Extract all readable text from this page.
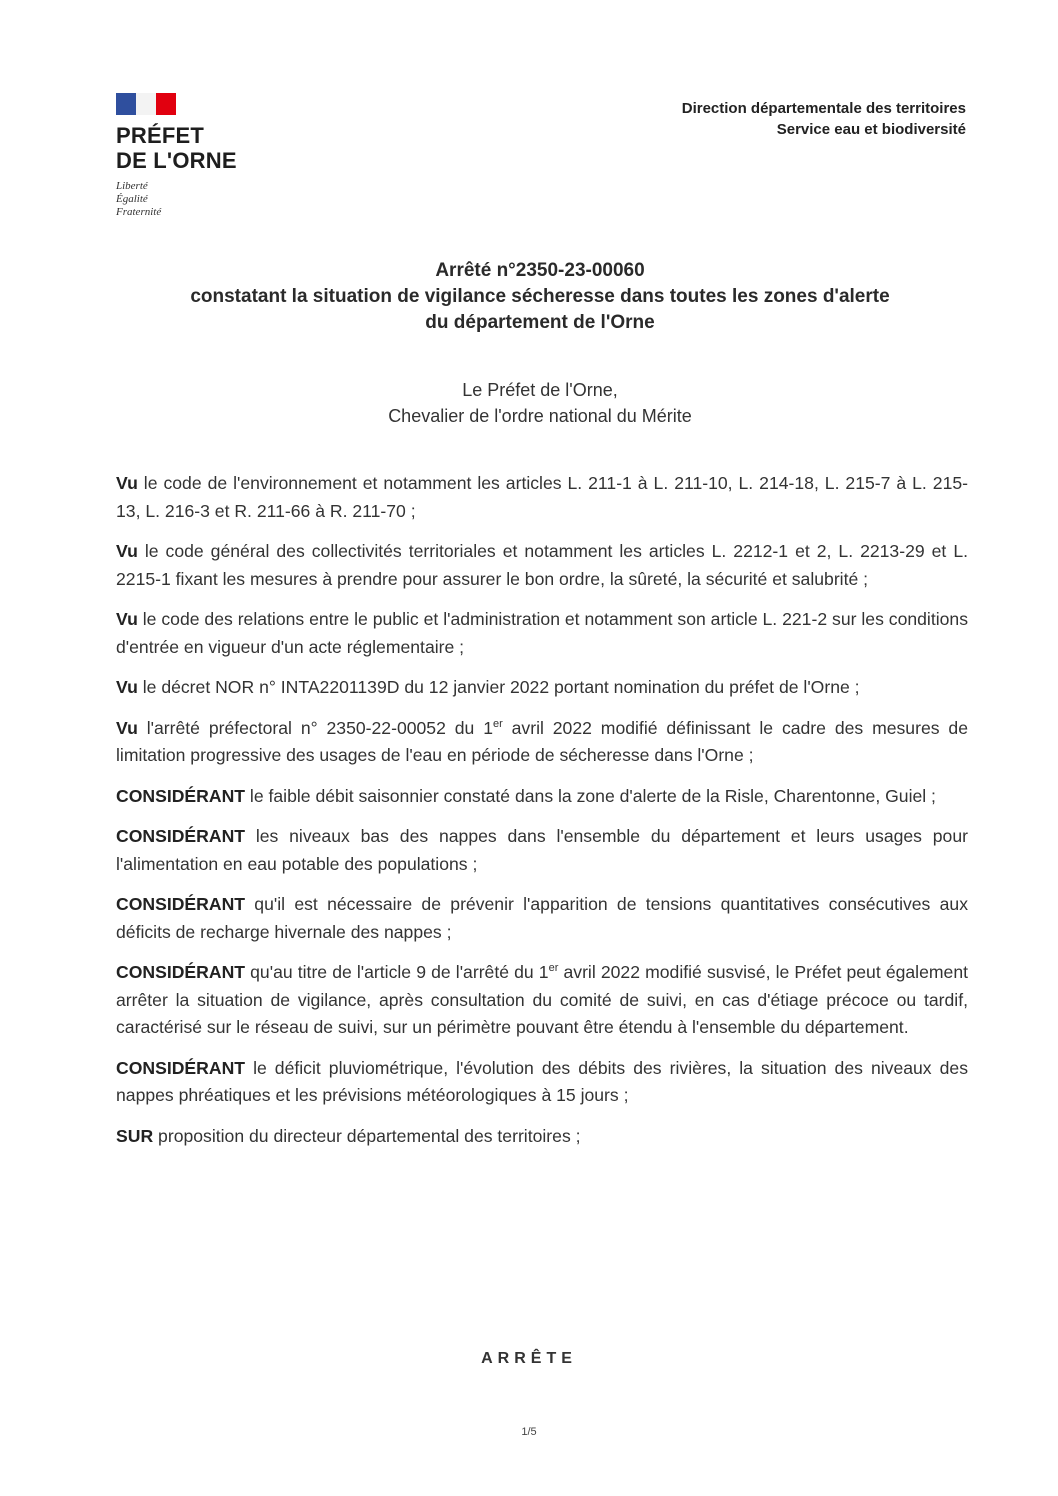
PRÉFET
DE L'ORNE
Liberté
Égalité
Fraternité
Direction départementale des territoires
Service eau et biodiversité
Arrêté n°2350-23-00060
constatant la situation de vigilance sécheresse dans toutes les zones d'alerte
du département de l'Orne
Le Préfet de l'Orne,
Chevalier de l'ordre national du Mérite

Vu le code de l'environnement et notamment les articles L. 211-1 à L. 211-10, L. 214-18, L. 215-7 à L. 215-13, L. 216-3 et R. 211-66 à R. 211-70 ;

Vu le code général des collectivités territoriales et notamment les articles L. 2212-1 et 2, L. 2213-29 et L. 2215-1 fixant les mesures à prendre pour assurer le bon ordre, la sûreté, la sécurité et salubrité ;

Vu le code des relations entre le public et l'administration et notamment son article L. 221-2 sur les conditions d'entrée en vigueur d'un acte réglementaire ;

Vu le décret NOR n° INTA2201139D du 12 janvier 2022 portant nomination du préfet de l'Orne ;

Vu l'arrêté préfectoral n° 2350-22-00052 du 1er avril 2022 modifié définissant le cadre des mesures de limitation progressive des usages de l'eau en période de sécheresse dans l'Orne ;

CONSIDÉRANT le faible débit saisonnier constaté dans la zone d'alerte de la Risle, Charentonne, Guiel ;

CONSIDÉRANT les niveaux bas des nappes dans l'ensemble du département et leurs usages pour l'alimentation en eau potable des populations ;

CONSIDÉRANT qu'il est nécessaire de prévenir l'apparition de tensions quantitatives consécutives aux déficits de recharge hivernale des nappes ;

CONSIDÉRANT qu'au titre de l'article 9 de l'arrêté du 1er avril 2022 modifié susvisé, le Préfet peut également arrêter la situation de vigilance, après consultation du comité de suivi, en cas d'étiage précoce ou tardif, caractérisé sur le réseau de suivi, sur un périmètre pouvant être étendu à l'ensemble du département.

CONSIDÉRANT le déficit pluviométrique, l'évolution des débits des rivières, la situation des niveaux des nappes phréatiques et les prévisions météorologiques à 15 jours ;

SUR proposition du directeur départemental des territoires ;

ARRÊTE
1/5
